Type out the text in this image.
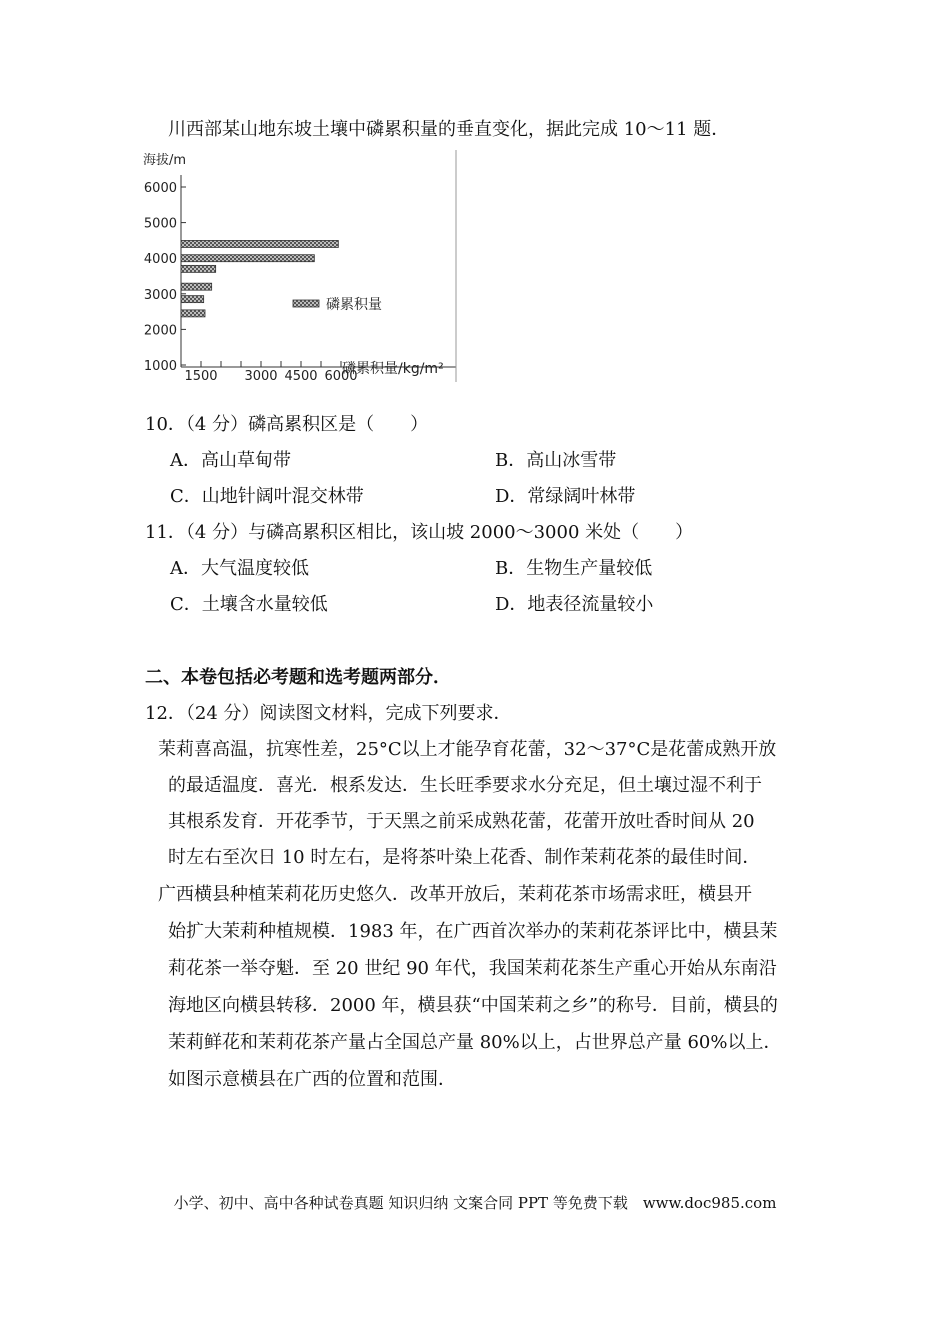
川西部某山地东坡土壤中磷累积量的垂直变化，据此完成 10～11 题．
6000
5000
4000
3000
2000
1000
1500 3000 4500 6000
海拔/m
磷累积量/kg/m²
磷累积量
10．（4 分）磷高累积区是（　　）
A．高山草甸带	B．高山冰雪带
C．山地针阔叶混交林带	D．常绿阔叶林带
11．（4 分）与磷高累积区相比，该山坡 2000～3000 米处（　　）
A．大气温度较低	B．生物生产量较低
C．土壤含水量较低	D．地表径流量较小
二、本卷包括必考题和选考题两部分．
12．（24 分）阅读图文材料，完成下列要求．
茉莉喜高温，抗寒性差，25°C以上才能孕育花蕾，32～37°C是花蕾成熟开放
的最适温度．喜光．根系发达．生长旺季要求水分充足，但土壤过湿不利于
其根系发育．开花季节，于天黑之前采成熟花蕾，花蕾开放吐香时间从 20
时左右至次日 10 时左右，是将茶叶染上花香、制作茉莉花茶的最佳时间．
广西横县种植茉莉花历史悠久．改革开放后，茉莉花茶市场需求旺，横县开
始扩大茉莉种植规模．1983 年，在广西首次举办的茉莉花茶评比中，横县茉
莉花茶一举夺魁．至 20 世纪 90 年代，我国茉莉花茶生产重心开始从东南沿
海地区向横县转移．2000 年，横县获“中国茉莉之乡”的称号．目前，横县的
茉莉鲜花和茉莉花茶产量占全国总产量 80%以上，占世界总产量 60%以上．
如图示意横县在广西的位置和范围．
小学、初中、高中各种试卷真题 知识归纳 文案合同 PPT 等免费下载　www.doc985.com
